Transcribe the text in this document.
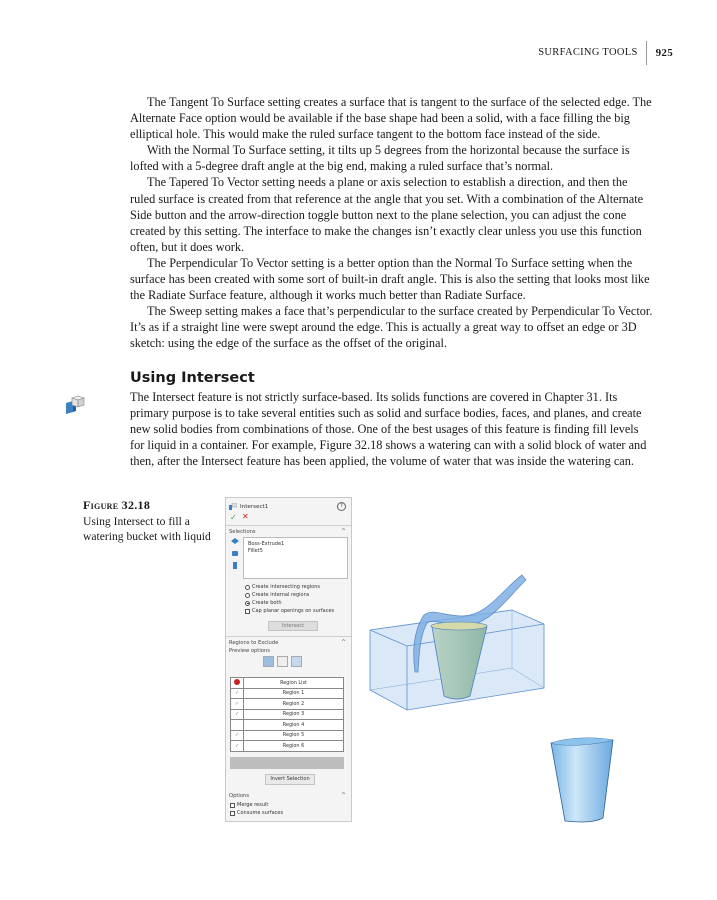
SURFACING TOOLS	925

The Tangent To Surface setting creates a surface that is tangent to the surface of the selected edge. The Alternate Face option would be available if the base shape had been a solid, with a face filling the big elliptical hole. This would make the ruled surface tangent to the bottom face instead of the side.

With the Normal To Surface setting, it tilts up 5 degrees from the horizontal because the surface is lofted with a 5-degree draft angle at the big end, making a ruled surface that’s normal.

The Tapered To Vector setting needs a plane or axis selection to establish a direction, and then the ruled surface is created from that reference at the angle that you set. With a combination of the Alternate Side button and the arrow-direction toggle button next to the plane selection, you can adjust the cone created by this setting. The interface to make the changes isn’t exactly clear unless you use this function often, but it does work.

The Perpendicular To Vector setting is a better option than the Normal To Surface setting when the surface has been created with some sort of built-in draft angle. This is also the setting that looks most like the Radiate Surface feature, although it works much better than Radiate Surface.

The Sweep setting makes a face that’s perpendicular to the surface created by Perpendicular To Vector. It’s as if a straight line were swept around the edge. This is actually a great way to offset an edge or 3D sketch: using the edge of the surface as the offset of the original.

Using Intersect

The Intersect feature is not strictly surface-based. Its solids functions are covered in Chapter 31. Its primary purpose is to take several entities such as solid and surface bodies, faces, and planes, and create new solid bodies from combinations of those. One of the best usages of this feature is finding fill levels for liquid in a container. For example, Figure 32.18 shows a watering can with a solid block of water and then, after the Intersect feature has been applied, the volume of water that was inside the watering can.

Figure 32.18
Using Intersect to fill a watering bucket with liquid
Intersect1	?
✓ ✕
Selections	^
Boss-Extrude1
Fillet5
Create intersecting regions
Create internal regions
Create both
Cap planar openings on surfaces
Intersect
Regions to Exclude	^
Preview options
	Region List
✓	Region 1
✓	Region 2
✓	Region 3
	Region 4
✓	Region 5
✓	Region 6
Invert Selection
Options	^
Merge result
Consume surfaces
